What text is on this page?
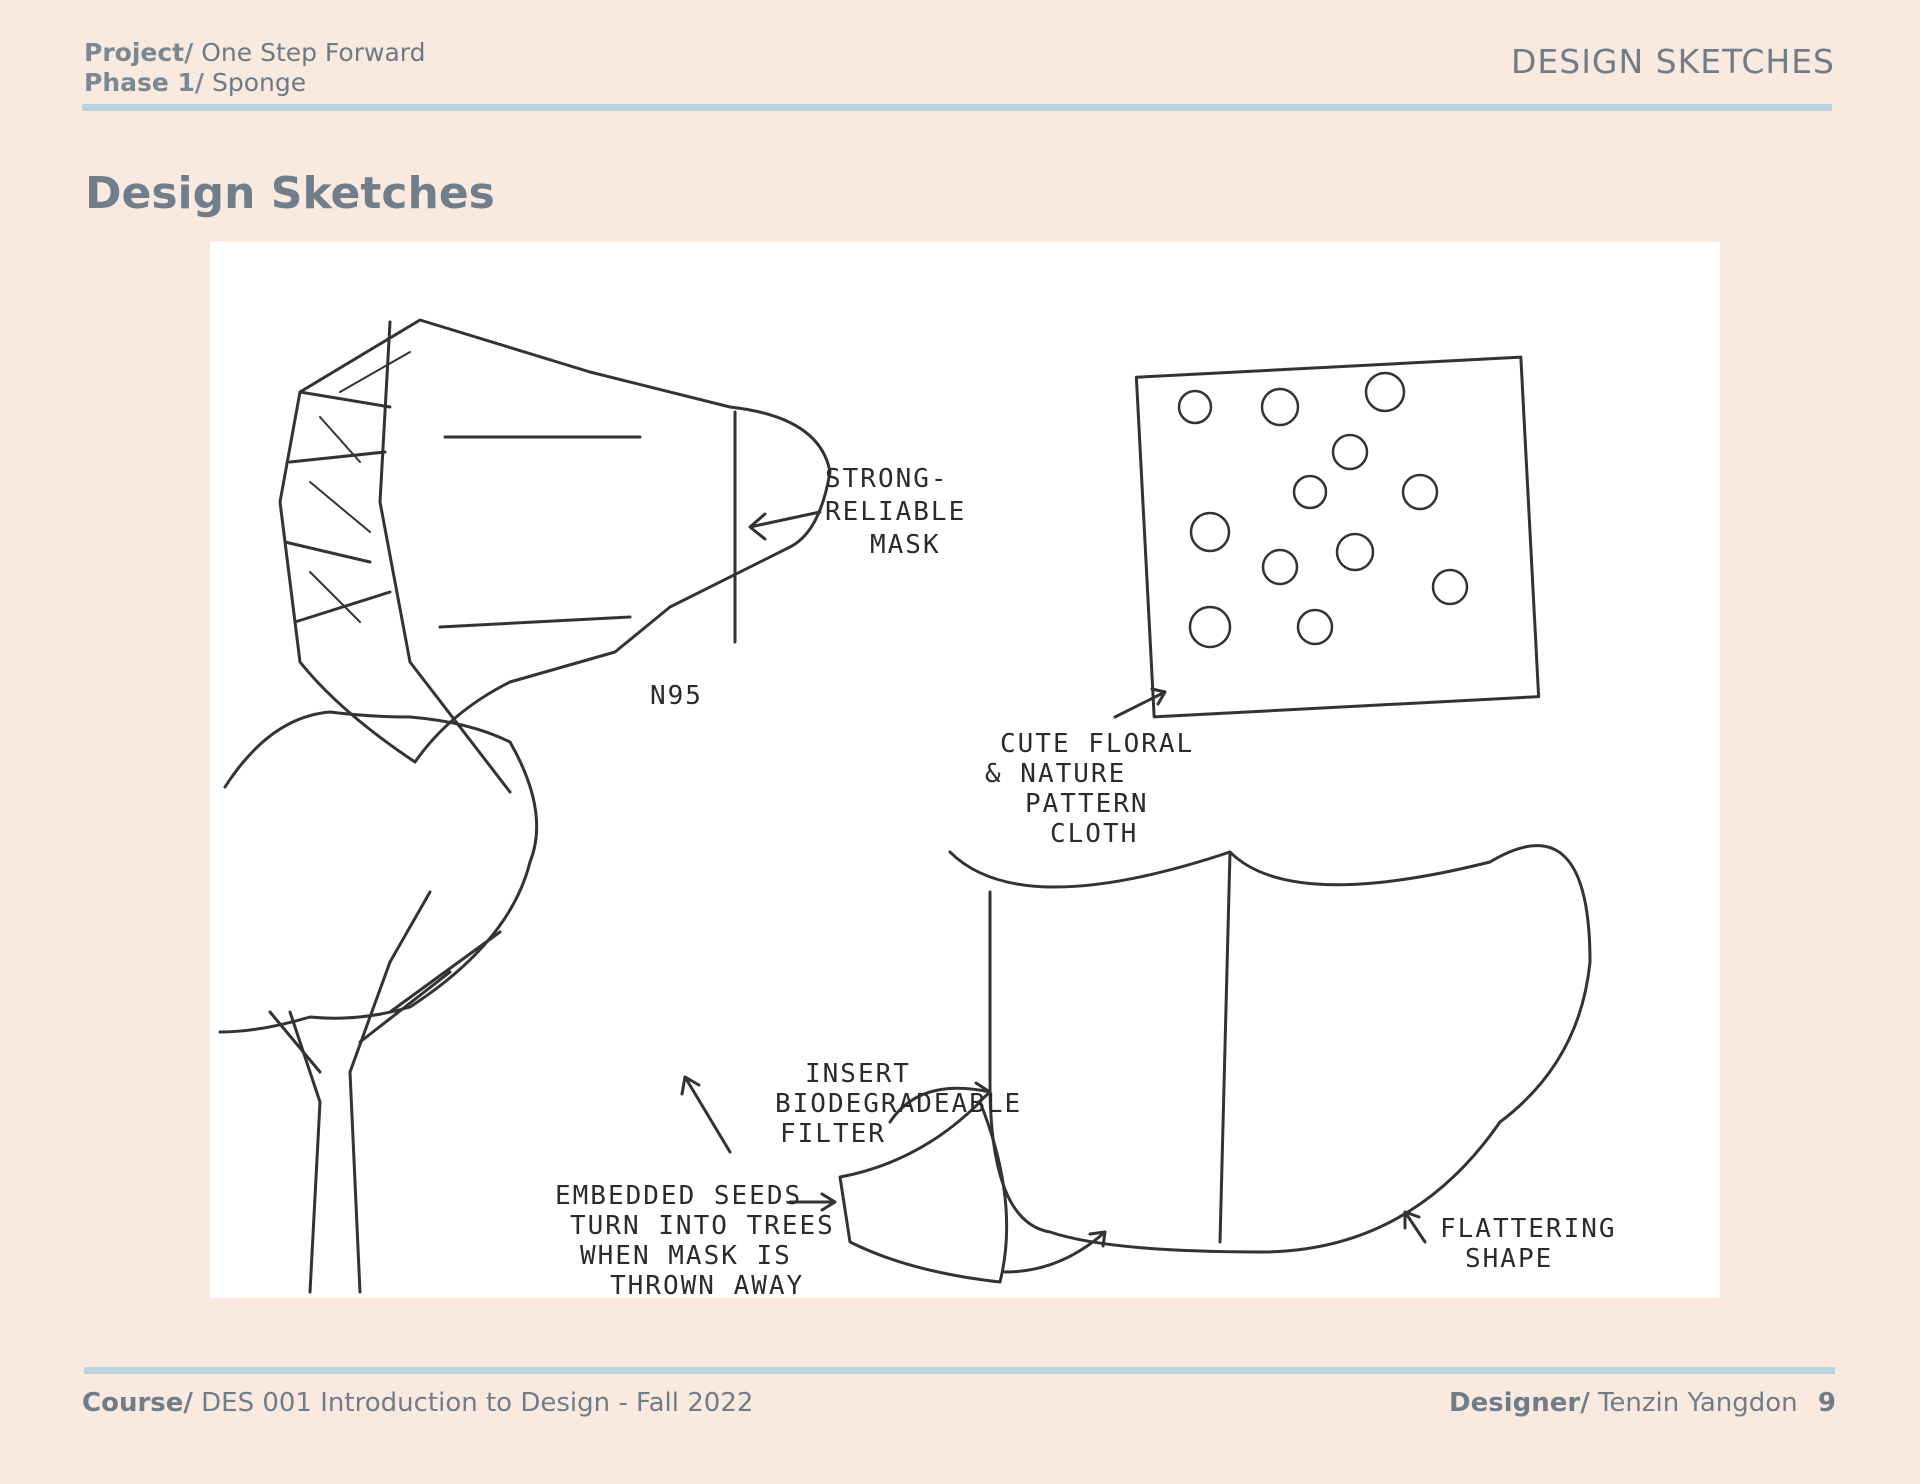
Project/ One Step Forward
Phase 1/ Sponge
DESIGN SKETCHES
Design Sketches
STRONG-
RELIABLE
MASK
N95
CUTE FLORAL
& NATURE
PATTERN
CLOTH
INSERT
BIODEGRADEABLE
FILTER
EMBEDDED SEEDS
TURN INTO TREES
WHEN MASK IS
THROWN AWAY
FLATTERING
SHAPE
Course/ DES 001 Introduction to Design - Fall 2022	Designer/ Tenzin Yangdon 9
